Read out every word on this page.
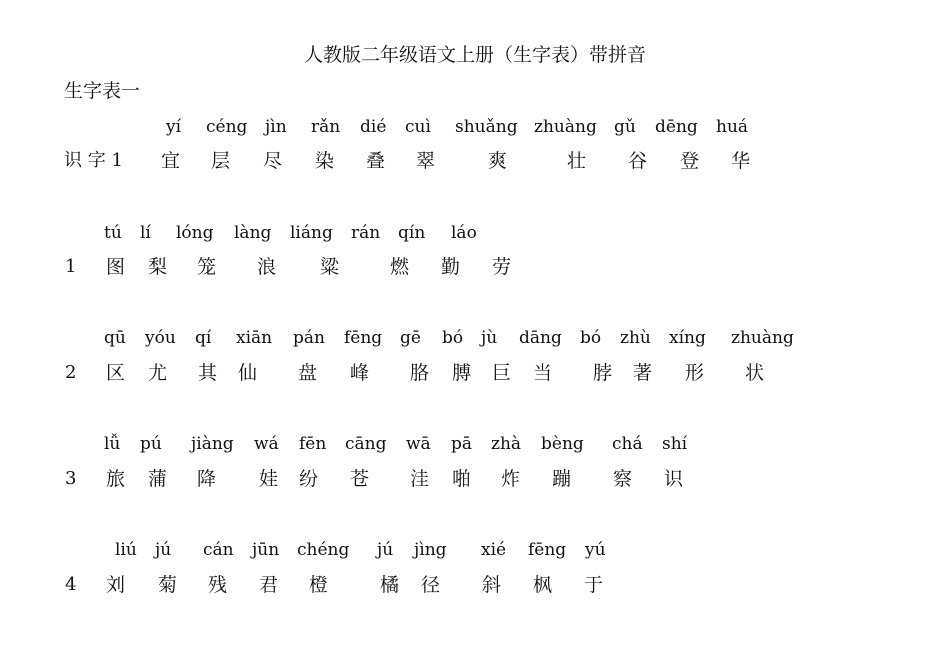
人教版二年级语文上册（生字表）带拼音
生字表一
识 字 1
yí céng jìn rǎn dié cuì shuǎng zhuàng gǔ dēng huá
宜 层 尽 染 叠 翠	爽	壮 谷 登 华
1
tú lí lóng làng liáng rán qín láo
图 梨 笼 浪 粱	燃 勤 劳
2
qū yóu qí xiān pán fēng gē bó jù dāng bó zhù xíng zhuàng
区 尤 其 仙 盘 峰 胳 膊 巨 当 脖 著 形 状
3
lǚ pú jiàng wá fēn cāng wā pā zhà bèng chá shí
旅 蒲 降 娃 纷 苍 洼 啪 炸 蹦 察 识
4
liú jú cán jūn chéng jú jìng xié fēng yú
刘 菊 残 君 橙	橘 径 斜 枫 于
